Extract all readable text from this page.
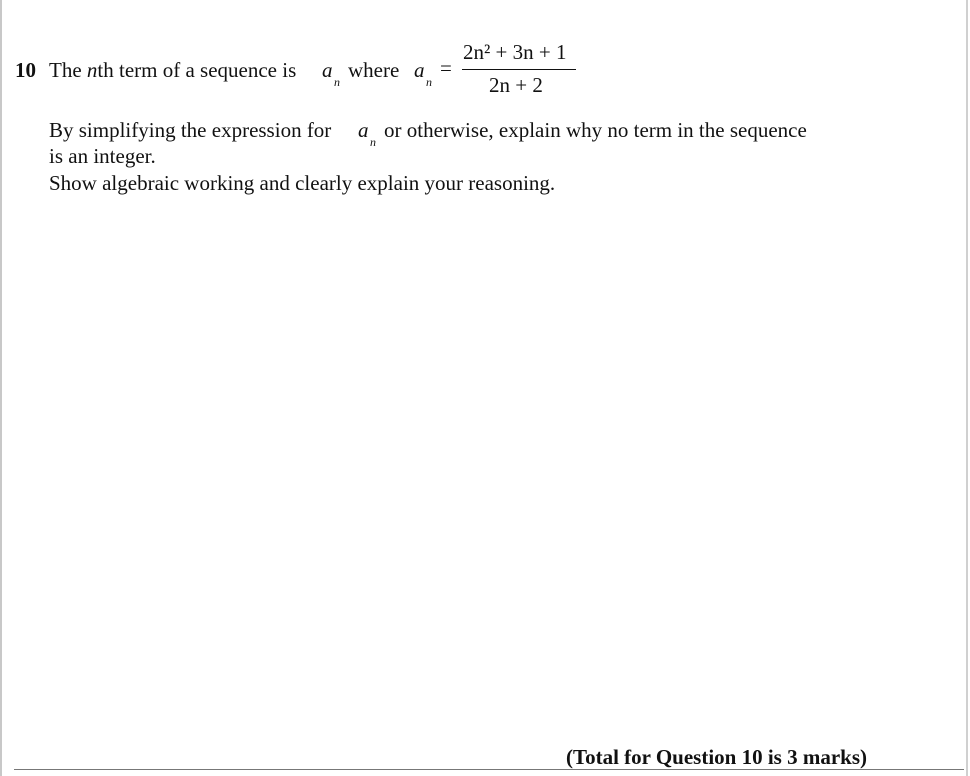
10 The nth term of a sequence is a n where a n
=
2n² + 3n + 1
2n + 2
By simplifying the expression for a n or otherwise, explain why no term in the sequence
is an integer.
Show algebraic working and clearly explain your reasoning.
(Total for Question 10 is 3 marks)
